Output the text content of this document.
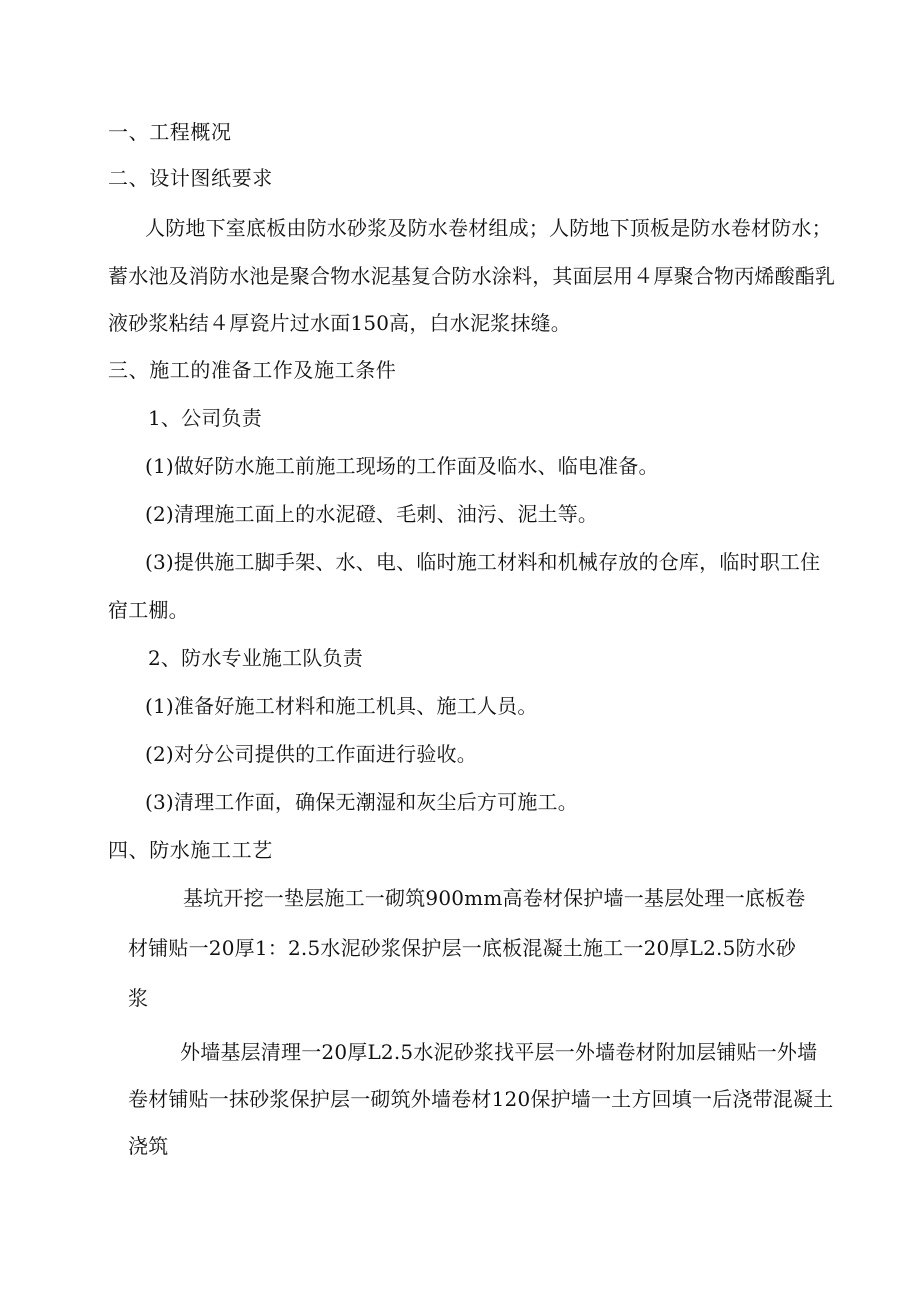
一、工程概况
二、设计图纸要求
人防地下室底板由防水砂浆及防水卷材组成；人防地下顶板是防水卷材防水；
蓄水池及消防水池是聚合物水泥基复合防水涂料，其面层用４厚聚合物丙烯酸酯乳
液砂浆粘结４厚瓷片过水面150高，白水泥浆抹缝。
三、施工的准备工作及施工条件
1、公司负责
(1)做好防水施工前施工现场的工作面及临水、临电准备。
(2)清理施工面上的水泥磴、毛刺、油污、泥土等。
(3)提供施工脚手架、水、电、临时施工材料和机械存放的仓库，临时职工住
宿工棚。
2、防水专业施工队负责
(1)准备好施工材料和施工机具、施工人员。
(2)对分公司提供的工作面进行验收。
(3)清理工作面，确保无潮湿和灰尘后方可施工。
四、防水施工工艺
基坑开挖一垫层施工一砌筑900mm高卷材保护墙一基层处理一底板卷
材铺贴一20厚1：2.5水泥砂浆保护层一底板混凝土施工一20厚L2.5防水砂
浆
外墙基层清理一20厚L2.5水泥砂浆找平层一外墙卷材附加层铺贴一外墙
卷材铺贴一抹砂浆保护层一砌筑外墙卷材120保护墙一土方回填一后浇带混凝土
浇筑
